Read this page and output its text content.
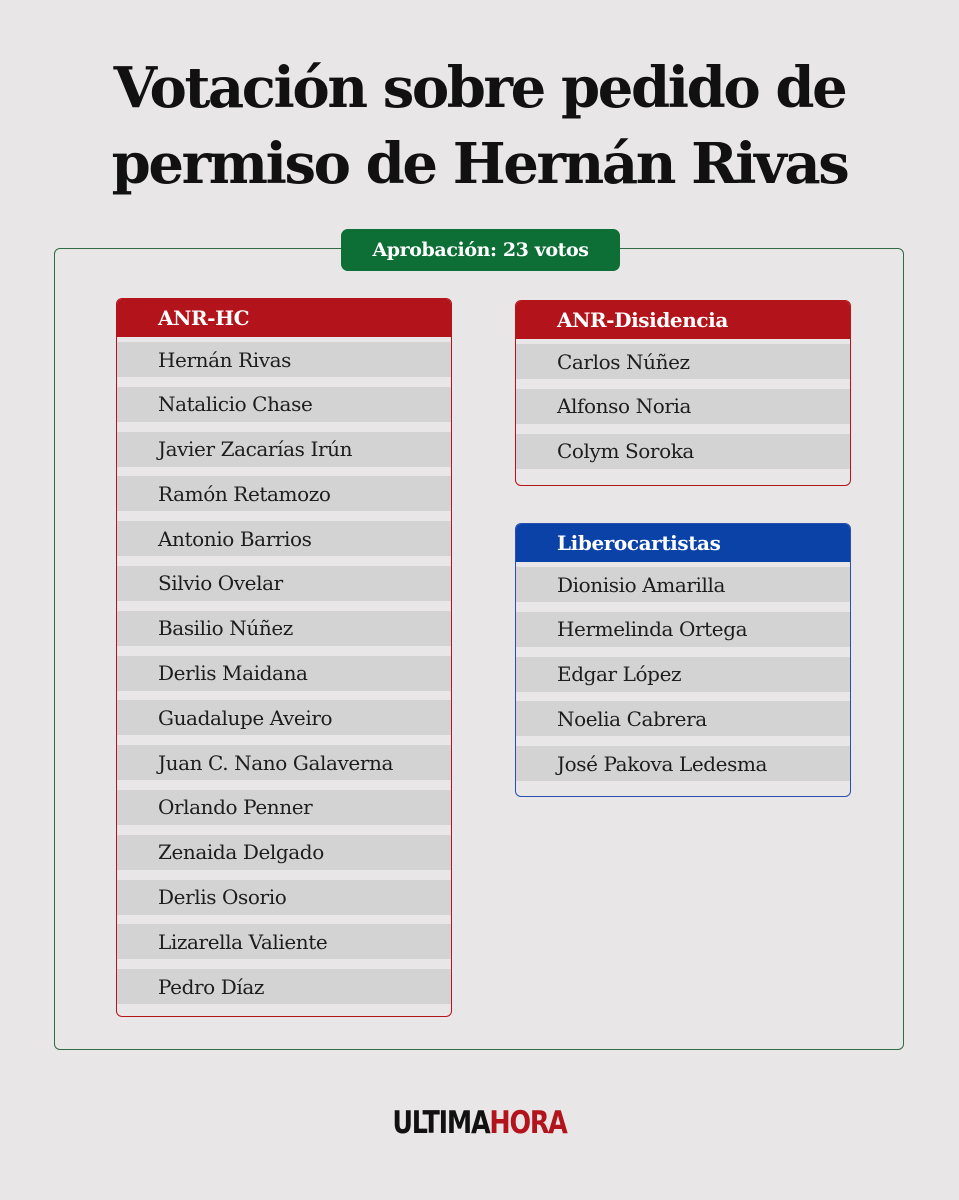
Votación sobre pedido de
permiso de Hernán Rivas
Aprobación: 23 votos
ANR-HC
Hernán Rivas
Natalicio Chase
Javier Zacarías Irún
Ramón Retamozo
Antonio Barrios
Silvio Ovelar
Basilio Núñez
Derlis Maidana
Guadalupe Aveiro
Juan C. Nano Galaverna
Orlando Penner
Zenaida Delgado
Derlis Osorio
Lizarella Valiente
Pedro Díaz
ANR-Disidencia
Carlos Núñez
Alfonso Noria
Colym Soroka
Liberocartistas
Dionisio Amarilla
Hermelinda Ortega
Edgar López
Noelia Cabrera
José Pakova Ledesma
ULTIMAHORA
